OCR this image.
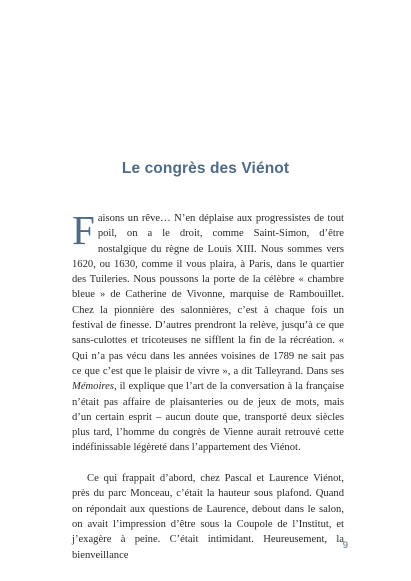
Le congrès des Viénot

Faisons un rêve… N’en déplaise aux progressistes de tout poil, on a le droit, comme Saint-Simon, d’être nostalgique du règne de Louis XIII. Nous sommes vers 1620, ou 1630, comme il vous plaira, à Paris, dans le quartier des Tuileries. Nous poussons la porte de la célèbre « chambre bleue » de Catherine de Vivonne, marquise de Rambouillet. Chez la pionnière des salonnières, c’est à chaque fois un festival de finesse. D’autres prendront la relève, jusqu’à ce que sans-culottes et tricoteuses ne sifflent la fin de la récréation. « Qui n’a pas vécu dans les années voisines de 1789 ne sait pas ce que c’est que le plaisir de vivre », a dit Talleyrand. Dans ses Mémoires, il explique que l’art de la conversation à la française n’était pas affaire de plaisanteries ou de jeux de mots, mais d’un certain esprit – aucun doute que, transporté deux siècles plus tard, l’homme du congrès de Vienne aurait retrouvé cette indéfinissable légèreté dans l’appartement des Viénot.

Ce qui frappait d’abord, chez Pascal et Laurence Viénot, près du parc Monceau, c’était la hauteur sous plafond. Quand on répondait aux questions de Laurence, debout dans le salon, on avait l’impression d’être sous la Coupole de l’Institut, et j’exagère à peine. C’était intimidant. Heureusement, la bienveillance

9
